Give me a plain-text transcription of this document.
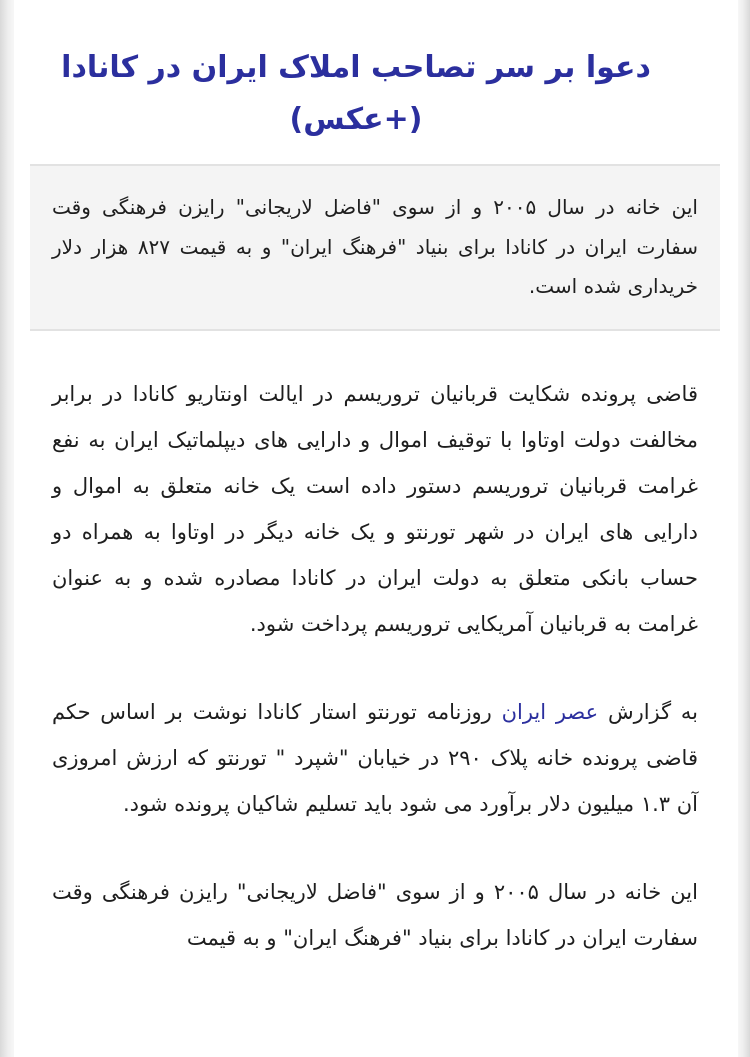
دعوا بر سر تصاحب املاک ایران در کانادا (+عکس)
این خانه در سال ۲۰۰۵ و از سوی "فاضل لاریجانی" رایزن فرهنگی وقت سفارت ایران در کانادا برای بنیاد "فرهنگ ایران" و به قیمت ۸۲۷ هزار دلار خریداری شده است.

قاضی پرونده شکایت قربانیان تروریسم در ایالت اونتاریو کانادا در برابر مخالفت دولت اوتاوا با توقیف اموال و دارایی های دیپلماتیک ایران به نفع غرامت قربانیان تروریسم دستور داده است یک خانه متعلق به اموال و دارایی های ایران در شهر تورنتو و یک خانه دیگر در اوتاوا به همراه دو حساب بانکی متعلق به دولت ایران در کانادا مصادره شده و به عنوان غرامت به قربانیان آمریکایی تروریسم پرداخت شود.

به گزارش عصر ایران روزنامه تورنتو استار کانادا نوشت بر اساس حکم قاضی پرونده خانه پلاک ۲۹۰ در خیابان "شپرد " تورنتو که ارزش امروزی آن ۱.۳ میلیون دلار برآورد می شود باید تسلیم شاکیان پرونده شود.

این خانه در سال ۲۰۰۵ و از سوی "فاضل لاریجانی" رایزن فرهنگی وقت سفارت ایران در کانادا برای بنیاد "فرهنگ ایران" و به قیمت
